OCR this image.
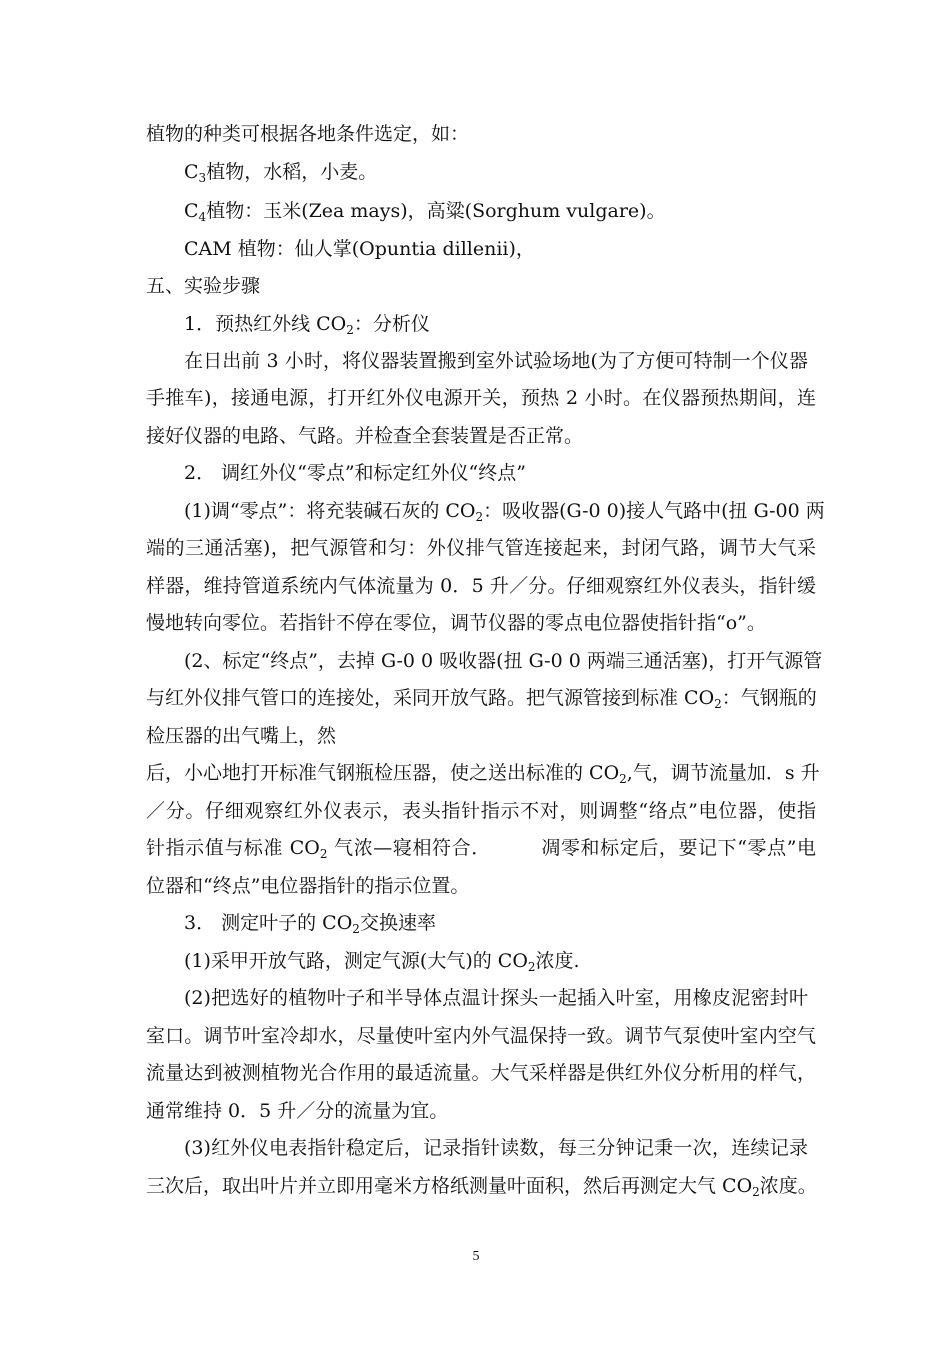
植物的种类可根据各地条件选定，如：
$C_3$植物，水稻，小麦。
$C_4$植物：玉米(Zea mays)，高粱(Sorghum vulgare)。
CAM 植物：仙人掌(Opuntia dillenii)，
五、实验步骤
1．预热红外线 $CO_2$：分析仪
在日出前 3 小时，将仪器装置搬到室外试验场地(为了方便可特制一个仪器
手推车)，接通电源，打开红外仪电源开关，预热 2 小时。在仪器预热期间，连
接好仪器的电路、气路。并检查全套装置是否正常。
2． 调红外仪“零点”和标定红外仪“终点”
(1)调“零点”：将充装碱石灰的 $CO_2$：吸收器(G-0 0)接人气路中(扭 G-00 两
端的三通活塞)，把气源管和匀：外仪排气管连接起来，封闭气路，调节大气采
样器，维持管道系统内气体流量为 0．5 升／分。仔细观察红外仪表头，指针缓
慢地转向零位。若指针不停在零位，调节仪器的零点电位器使指针指“o”。
(2、标定“终点”，去掉 G-0 0 吸收器(扭 G-0 0 两端三通活塞)，打开气源管
与红外仪排气管口的连接处，采同开放气路。把气源管接到标准 $CO_2$：气钢瓶的
检压器的出气嘴上，然
后，小心地打开标准气钢瓶检压器，使之送出标准的 $CO_2$,气，调节流量加．s 升
／分。仔细观察红外仪表示，表头指针指示不对，则调整“络点”电位器，使指
针指示值与标准 $CO_2$ 气浓—寝相符合．	凋零和标定后，要记下“零点”电
位器和“终点”电位器指针的指示位置。
3． 测定叶子的 $CO_2$交换速率
(1)采甲开放气路，测定气源(大气)的 $CO_2$浓度.
(2)把选好的植物叶子和半导体点温计探头一起插入叶室，用橡皮泥密封叶
室口。调节叶室冷却水，尽量使叶室内外气温保持一致。调节气泵使叶室内空气
流量达到被测植物光合作用的最适流量。大气采样器是供红外仪分析用的样气，
通常维持 0．5 升／分的流量为宜。
(3)红外仪电表指针稳定后，记录指针读数，每三分钟记秉一次，连续记录
三次后，取出叶片并立即用毫米方格纸测量叶面积，然后再测定大气 $CO_2$浓度。
5
